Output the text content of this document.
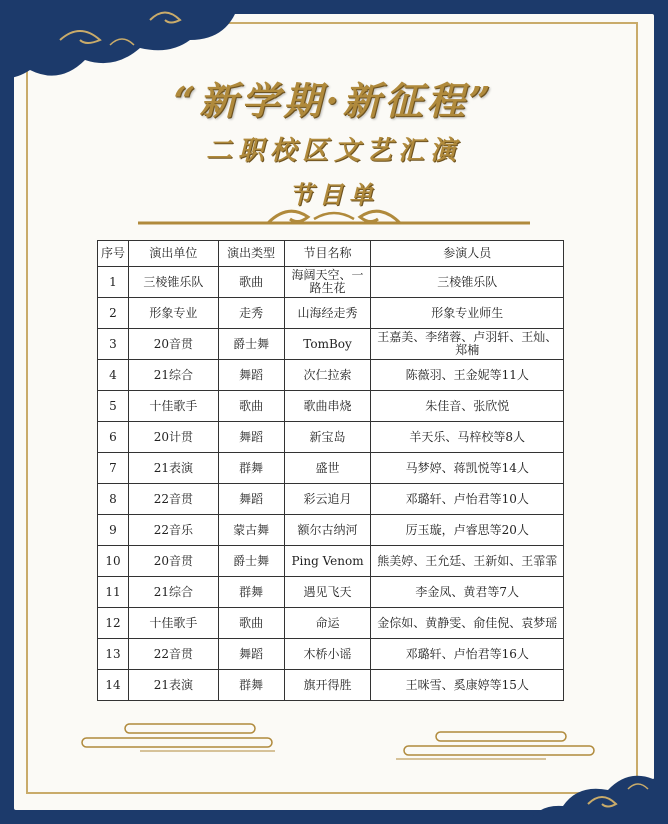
“新学期·新征程”
二职校区文艺汇演
节目单
序号	演出单位	演出类型	节目名称	参演人员
1	三棱锥乐队	歌曲	海阔天空、一路生花	三棱锥乐队
2	形象专业	走秀	山海经走秀	形象专业师生
3	20音贯	爵士舞	TomBoy	王嘉美、李绪蓉、卢羽轩、王灿、郑楠
4	21综合	舞蹈	次仁拉索	陈薇羽、王金妮等11人
5	十佳歌手	歌曲	歌曲串烧	朱佳音、张欣悦
6	20计贯	舞蹈	新宝岛	羊天乐、马梓校等8人
7	21表演	群舞	盛世	马梦婷、蒋凯悦等14人
8	22音贯	舞蹈	彩云追月	邓璐轩、卢怡君等10人
9	22音乐	蒙古舞	额尔古纳河	厉玉璇，卢睿思等20人
10	20音贯	爵士舞	Ping Venom	熊美婷、王允廷、王新如、王霏霏
11	21综合	群舞	遇见飞天	李金凤、黄君等7人
12	十佳歌手	歌曲	命运	金倧如、黄静雯、俞佳倪、袁梦瑶
13	22音贯	舞蹈	木桥小谣	邓璐轩、卢怡君等16人
14	21表演	群舞	旗开得胜	王咪雪、奚康婷等15人
